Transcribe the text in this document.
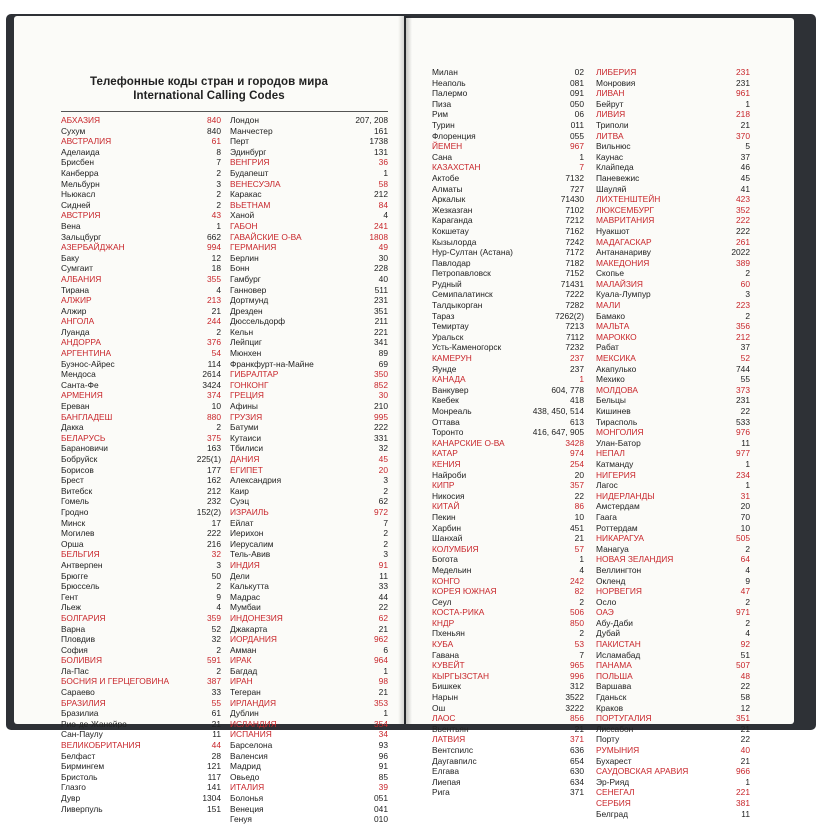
Телефонные коды стран и городов мира
International Calling Codes
АБХАЗИЯ	840
Сухум	840
АВСТРАЛИЯ	61
Аделаида	8
Брисбен	7
Канберра	2
Мельбурн	3
Ньюкасл	2
Сидней	2
АВСТРИЯ	43
Вена	1
Зальцбург	662
АЗЕРБАЙДЖАН	994
Баку	12
Сумгаит	18
АЛБАНИЯ	355
Тирана	4
АЛЖИР	213
Алжир	21
АНГОЛА	244
Луанда	2
АНДОРРА	376
АРГЕНТИНА	54
Буэнос-Айрес	114
Мендоса	2614
Санта-Фе	3424
АРМЕНИЯ	374
Ереван	10
БАНГЛАДЕШ	880
Дакка	2
БЕЛАРУСЬ	375
Барановичи	163
Бобруйск	225(1)
Борисов	177
Брест	162
Витебск	212
Гомель	232
Гродно	152(2)
Минск	17
Могилев	222
Орша	216
БЕЛЬГИЯ	32
Антверпен	3
Брюгге	50
Брюссель	2
Гент	9
Льеж	4
БОЛГАРИЯ	359
Варна	52
Пловдив	32
София	2
БОЛИВИЯ	591
Ла-Пас	2
БОСНИЯ И ГЕРЦЕГОВИНА	387
Сараево	33
БРАЗИЛИЯ	55
Бразилиа	61
Рио-де-Жанейро	21
Сан-Паулу	11
ВЕЛИКОБРИТАНИЯ	44
Белфаст	28
Бирмингем	121
Бристоль	117
Глазго	141
Дувр	1304
Ливерпуль	151
Лондон	207, 208
Манчестер	161
Перт	1738
Эдинбург	131
ВЕНГРИЯ	36
Будапешт	1
ВЕНЕСУЭЛА	58
Каракас	212
ВЬЕТНАМ	84
Ханой	4
ГАБОН	241
ГАВАЙСКИЕ О-ВА	1808
ГЕРМАНИЯ	49
Берлин	30
Бонн	228
Гамбург	40
Ганновер	511
Дортмунд	231
Дрезден	351
Дюссельдорф	211
Кельн	221
Лейпциг	341
Мюнхен	89
Франкфурт-на-Майне	69
ГИБРАЛТАР	350
ГОНКОНГ	852
ГРЕЦИЯ	30
Афины	210
ГРУЗИЯ	995
Батуми	222
Кутаиси	331
Тбилиси	32
ДАНИЯ	45
ЕГИПЕТ	20
Александрия	3
Каир	2
Суэц	62
ИЗРАИЛЬ	972
Ейлат	7
Иерихон	2
Иерусалим	2
Тель-Авив	3
ИНДИЯ	91
Дели	11
Калькутта	33
Мадрас	44
Мумбаи	22
ИНДОНЕЗИЯ	62
Джакарта	21
ИОРДАНИЯ	962
Амман	6
ИРАК	964
Багдад	1
ИРАН	98
Тегеран	21
ИРЛАНДИЯ	353
Дублин	1
ИСЛАНДИЯ	354
ИСПАНИЯ	34
Барселона	93
Валенсия	96
Мадрид	91
Овьедо	85
ИТАЛИЯ	39
Болонья	051
Венеция	041
Генуя	010
Милан	02
Неаполь	081
Палермо	091
Пиза	050
Рим	06
Турин	011
Флоренция	055
ЙЕМЕН	967
Сана	1
КАЗАХСТАН	7
Актобе	7132
Алматы	727
Аркалык	71430
Жезказган	7102
Караганда	7212
Кокшетау	7162
Кызылорда	7242
Нур-Султан (Астана)	7172
Павлодар	7182
Петропавловск	7152
Рудный	71431
Семипалатинск	7222
Талдыкорган	7282
Тараз	7262(2)
Темиртау	7213
Уральск	7112
Усть-Каменогорск	7232
КАМЕРУН	237
Яунде	237
КАНАДА	1
Ванкувер	604, 778
Квебек	418
Монреаль	438, 450, 514
Оттава	613
Торонто	416, 647, 905
КАНАРСКИЕ О-ВА	3428
КАТАР	974
КЕНИЯ	254
Найроби	20
КИПР	357
Никосия	22
КИТАЙ	86
Пекин	10
Харбин	451
Шанхай	21
КОЛУМБИЯ	57
Богота	1
Медельин	4
КОНГО	242
КОРЕЯ ЮЖНАЯ	82
Сеул	2
КОСТА-РИКА	506
КНДР	850
Пхеньян	2
КУБА	53
Гавана	7
КУВЕЙТ	965
КЫРГЫЗСТАН	996
Бишкек	312
Нарын	3522
Ош	3222
ЛАОС	856
Вьентьян	21
ЛАТВИЯ	371
Вентспилс	636
Даугавпилс	654
Елгава	630
Лиепая	634
Рига	371
ЛИБЕРИЯ	231
Монровия	231
ЛИВАН	961
Бейрут	1
ЛИВИЯ	218
Триполи	21
ЛИТВА	370
Вильнюс	5
Каунас	37
Клайпеда	46
Паневежис	45
Шауляй	41
ЛИХТЕНШТЕЙН	423
ЛЮКСЕМБУРГ	352
МАВРИТАНИЯ	222
Нуакшот	222
МАДАГАСКАР	261
Антананариву	2022
МАКЕДОНИЯ	389
Скопье	2
МАЛАЙЗИЯ	60
Куала-Лумпур	3
МАЛИ	223
Бамако	2
МАЛЬТА	356
МАРОККО	212
Рабат	37
МЕКСИКА	52
Акапулько	744
Мехико	55
МОЛДОВА	373
Бельцы	231
Кишинев	22
Тирасполь	533
МОНГОЛИЯ	976
Улан-Батор	11
НЕПАЛ	977
Катманду	1
НИГЕРИЯ	234
Лагос	1
НИДЕРЛАНДЫ	31
Амстердам	20
Гаага	70
Роттердам	10
НИКАРАГУА	505
Манагуа	2
НОВАЯ ЗЕЛАНДИЯ	64
Веллингтон	4
Окленд	9
НОРВЕГИЯ	47
Осло	2
ОАЭ	971
Абу-Даби	2
Дубай	4
ПАКИСТАН	92
Исламабад	51
ПАНАМА	507
ПОЛЬША	48
Варшава	22
Гданьск	58
Краков	12
ПОРТУГАЛИЯ	351
Лиссабон	21
Порту	22
РУМЫНИЯ	40
Бухарест	21
САУДОВСКАЯ АРАВИЯ	966
Эр-Рияд	1
СЕНЕГАЛ	221
СЕРБИЯ	381
Белград	11
